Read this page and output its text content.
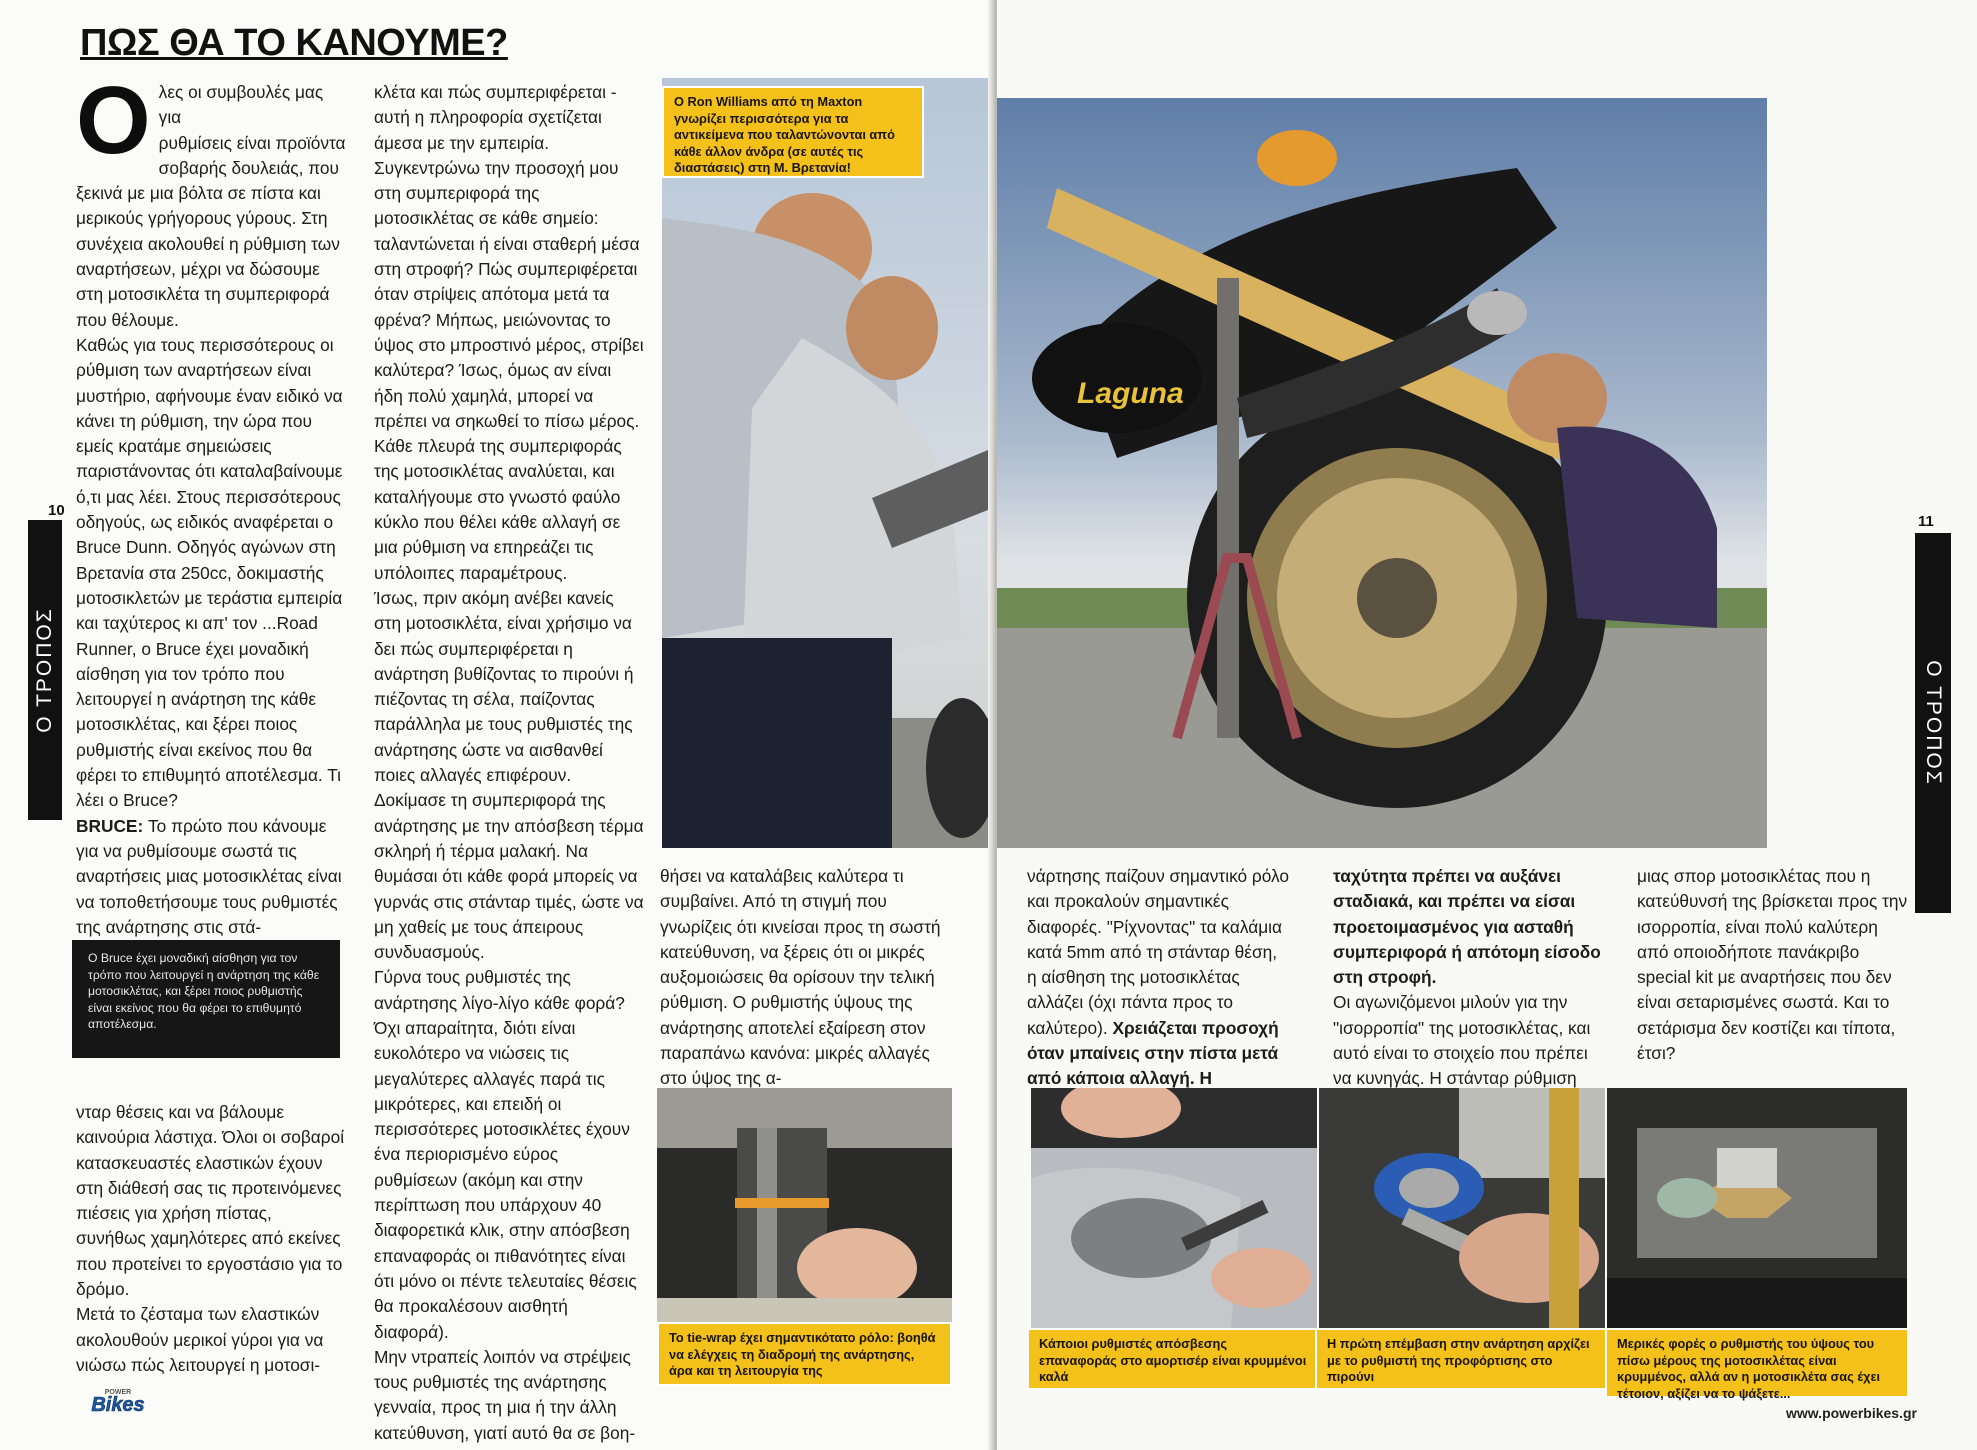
ΠΩΣ ΘΑ ΤΟ ΚΑΝΟΥΜΕ?
10
Ο ΤΡΟΠΟΣ
Ο λες οι συμβουλές μας για
ρυθμίσεις είναι προϊόντα
σοβαρής δουλειάς, που

ξεκινά με μια βόλτα σε πίστα και μερικούς γρήγορους γύρους. Στη συνέχεια ακολουθεί η ρύθμιση των αναρτήσεων, μέχρι να δώσουμε στη μοτοσικλέτα τη συμπεριφορά που θέλουμε.

Καθώς για τους περισσότερους οι ρύθμιση των αναρτήσεων είναι μυστήριο, αφήνουμε έναν ειδικό να κάνει τη ρύθμιση, την ώρα που εμείς κρατάμε σημειώσεις παριστάνοντας ότι καταλαβαίνουμε ό,τι μας λέει. Στους περισσότερους οδηγούς, ως ειδικός αναφέρεται ο Bruce Dunn. Οδηγός αγώνων στη Βρετανία στα 250cc, δοκιμαστής μοτοσικλετών με τεράστια εμπειρία και ταχύτερος κι απ' τον ...Road Runner, ο Bruce έχει μοναδική αίσθηση για τον τρόπο που λειτουργεί η ανάρτηση της κάθε μοτοσικλέτας, και ξέρει ποιος ρυθμιστής είναι εκείνος που θα φέρει το επιθυμητό αποτέλεσμα. Τι λέει ο Bruce?

BRUCE: Το πρώτο που κάνουμε για να ρυθμίσουμε σωστά τις αναρτήσεις μιας μοτοσικλέτας είναι να τοποθετήσουμε τους ρυθμιστές της ανάρτησης στις στά-

Ο Bruce έχει μοναδική αίσθηση για τον τρόπο που λειτουργεί η ανάρτηση της κάθε μοτοσικλέτας, και ξέρει ποιος ρυθμιστής είναι εκείνος που θα φέρει το επιθυμητό αποτέλεσμα.

νταρ θέσεις και να βάλουμε καινούρια λάστιχα. Όλοι οι σοβαροί κατασκευαστές ελαστικών έχουν στη διάθεσή σας τις προτεινόμενες πιέσεις για χρήση πίστας, συνήθως χαμηλότερες από εκείνες που προτείνει το εργοστάσιο για το δρόμο.

Μετά το ζέσταμα των ελαστικών ακολουθούν μερικοί γύροι για να νιώσω πώς λειτουργεί η μοτοσι-

κλέτα και πώς συμπεριφέρεται - αυτή η πληροφορία σχετίζεται άμεσα με την εμπειρία. Συγκεντρώνω την προσοχή μου στη συμπεριφορά της μοτοσικλέτας σε κάθε σημείο: ταλαντώνεται ή είναι σταθερή μέσα στη στροφή? Πώς συμπεριφέρεται όταν στρίψεις απότομα μετά τα φρένα? Μήπως, μειώνοντας το ύψος στο μπροστινό μέρος, στρίβει καλύτερα? Ίσως, όμως αν είναι ήδη πολύ χαμηλά, μπορεί να πρέπει να σηκωθεί το πίσω μέρος. Κάθε πλευρά της συμπεριφοράς της μοτοσικλέτας αναλύεται, και καταλήγουμε στο γνωστό φαύλο κύκλο που θέλει κάθε αλλαγή σε μια ρύθμιση να επηρεάζει τις υπόλοιπες παραμέτρους.

Ίσως, πριν ακόμη ανέβει κανείς στη μοτοσικλέτα, είναι χρήσιμο να δει πώς συμπεριφέρεται η ανάρτηση βυθίζοντας το πιρούνι ή πιέζοντας τη σέλα, παίζοντας παράλληλα με τους ρυθμιστές της ανάρτησης ώστε να αισθανθεί ποιες αλλαγές επιφέρουν. Δοκίμασε τη συμπεριφορά της ανάρτησης με την απόσβεση τέρμα σκληρή ή τέρμα μαλακή. Να θυμάσαι ότι κάθε φορά μπορείς να γυρνάς στις στάνταρ τιμές, ώστε να μη χαθείς με τους άπειρους συνδυασμούς.

Γύρνα τους ρυθμιστές της ανάρτησης λίγο-λίγο κάθε φορά? Όχι απαραίτητα, διότι είναι ευκολότερο να νιώσεις τις μεγαλύτερες αλλαγές παρά τις μικρότερες, και επειδή οι περισσότερες μοτοσικλέτες έχουν ένα περιορισμένο εύρος ρυθμίσεων (ακόμη και στην περίπτωση που υπάρχουν 40 διαφορετικά κλικ, στην απόσβεση επαναφοράς οι πιθανότητες είναι ότι μόνο οι πέντε τελευταίες θέσεις θα προκαλέσουν αισθητή διαφορά).

Μην ντραπείς λοιπόν να στρέψεις τους ρυθμιστές της ανάρτησης γενναία, προς τη μια ή την άλλη κατεύθυνση, γιατί αυτό θα σε βοη-

θήσει να καταλάβεις καλύτερα τι συμβαίνει. Από τη στιγμή που γνωρίζεις ότι κινείσαι προς τη σωστή κατεύθυνση, να ξέρεις ότι οι μικρές αυξομοιώσεις θα ορίσουν την τελική ρύθμιση. Ο ρυθμιστής ύψους της ανάρτησης αποτελεί εξαίρεση στον παραπάνω κανόνα: μικρές αλλαγές στο ύψος της α-

Ο Ron Williams από τη Maxton γνωρίζει περισσότερα για τα αντικείμενα που ταλαντώνονται από κάθε άλλον άνδρα (σε αυτές τις διαστάσεις) στη Μ. Βρετανία!
Το tie-wrap έχει σημαντικότατο ρόλο: βοηθά να ελέγχεις τη διαδρομή της ανάρτησης, άρα και τη λειτουργία της
POWER
Bikes
Laguna
11
Ο ΤΡΟΠΟΣ

νάρτησης παίζουν σημαντικό ρόλο και προκαλούν σημαντικές διαφορές. "Ρίχνοντας" τα καλάμια κατά 5mm από τη στάνταρ θέση, η αίσθηση της μοτοσικλέτας αλλάζει (όχι πάντα προς το καλύτερο). Χρειάζεται προσοχή όταν μπαίνεις στην πίστα μετά από κάποια αλλαγή. Η

ταχύτητα πρέπει να αυξάνει σταδιακά, και πρέπει να είσαι προετοιμασμένος για ασταθή συμπεριφορά ή απότομη είσοδο στη στροφή.

Οι αγωνιζόμενοι μιλούν για την "ισορροπία" της μοτοσικλέτας, και αυτό είναι το στοιχείο που πρέπει να κυνηγάς. Η στάνταρ ρύθμιση

μιας σπορ μοτοσικλέτας που η κατεύθυνσή της βρίσκεται προς την ισορροπία, είναι πολύ καλύτερη από οποιοδήποτε πανάκριβο special kit με αναρτήσεις που δεν είναι σεταρισμένες σωστά. Και το σετάρισμα δεν κοστίζει και τίποτα, έτσι?

Κάποιοι ρυθμιστές απόσβεσης επαναφοράς στο αμορτισέρ είναι κρυμμένοι καλά
Η πρώτη επέμβαση στην ανάρτηση αρχίζει με το ρυθμιστή της προφόρτισης στο πιρούνι
Μερικές φορές ο ρυθμιστής του ύψους του πίσω μέρους της μοτοσικλέτας είναι κρυμμένος, αλλά αν η μοτοσικλέτα σας έχει τέτοιον, αξίζει να το ψάξετε...
www.powerbikes.gr
